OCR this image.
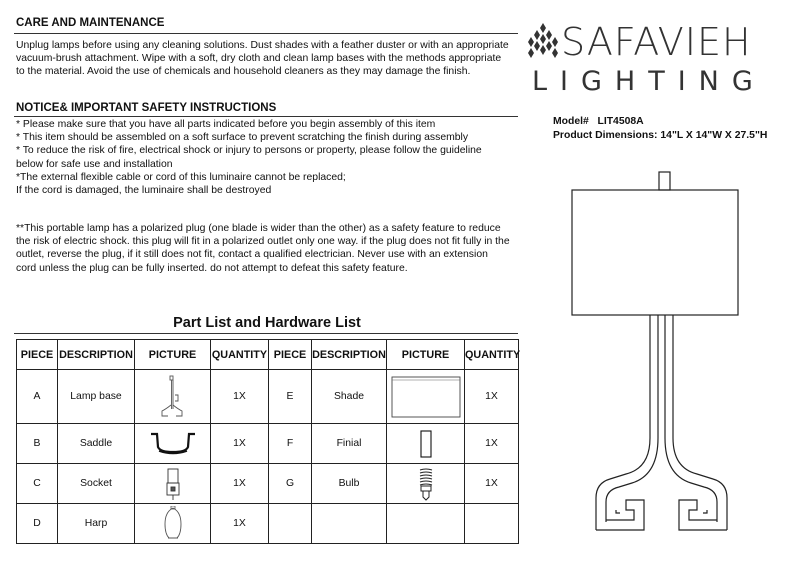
CARE AND MAINTENANCE
Unplug lamps before using any cleaning solutions. Dust shades with a feather duster or with an appropriate
vacuum-brush attachment. Wipe with a soft, dry cloth and clean lamp bases with the methods appropriate
to the material. Avoid the use of chemicals and household cleaners as they may damage the finish.
NOTICE& IMPORTANT SAFETY INSTRUCTIONS
* Please make sure that you have all parts indicated before you begin assembly of this item
* This item should be assembled on a soft surface to prevent scratching the finish during assembly
* To reduce the risk of fire, electrical shock or injury to persons or property, please follow the guideline
below for safe use and installation
*The external flexible cable or cord of this luminaire cannot be replaced;
If the cord is damaged, the luminaire shall be destroyed
**This portable lamp has a polarized plug (one blade is wider than the other) as a safety feature to reduce
the risk of electric shock. this plug will fit in a polarized outlet only one way. if the plug does not fit fully in the
outlet, reverse the plug, if it still does not fit, contact a qualified electrician. Never use with an extension
cord unless the plug can be fully inserted. do not attempt to defeat this safety feature.
SAFAVIEH
LIGHTING
Model# LIT4508A
Product Dimensions: 14"L X 14"W X 27.5"H
Part List and Hardware List
PIECE	DESCRIPTION	PICTURE	QUANTITY	PIECE	DESCRIPTION	PICTURE	QUANTITY
A	Lamp base		1X	E	Shade		1X
B	Saddle		1X	F	Finial		1X
C	Socket		1X	G	Bulb		1X
D	Harp		1X				
